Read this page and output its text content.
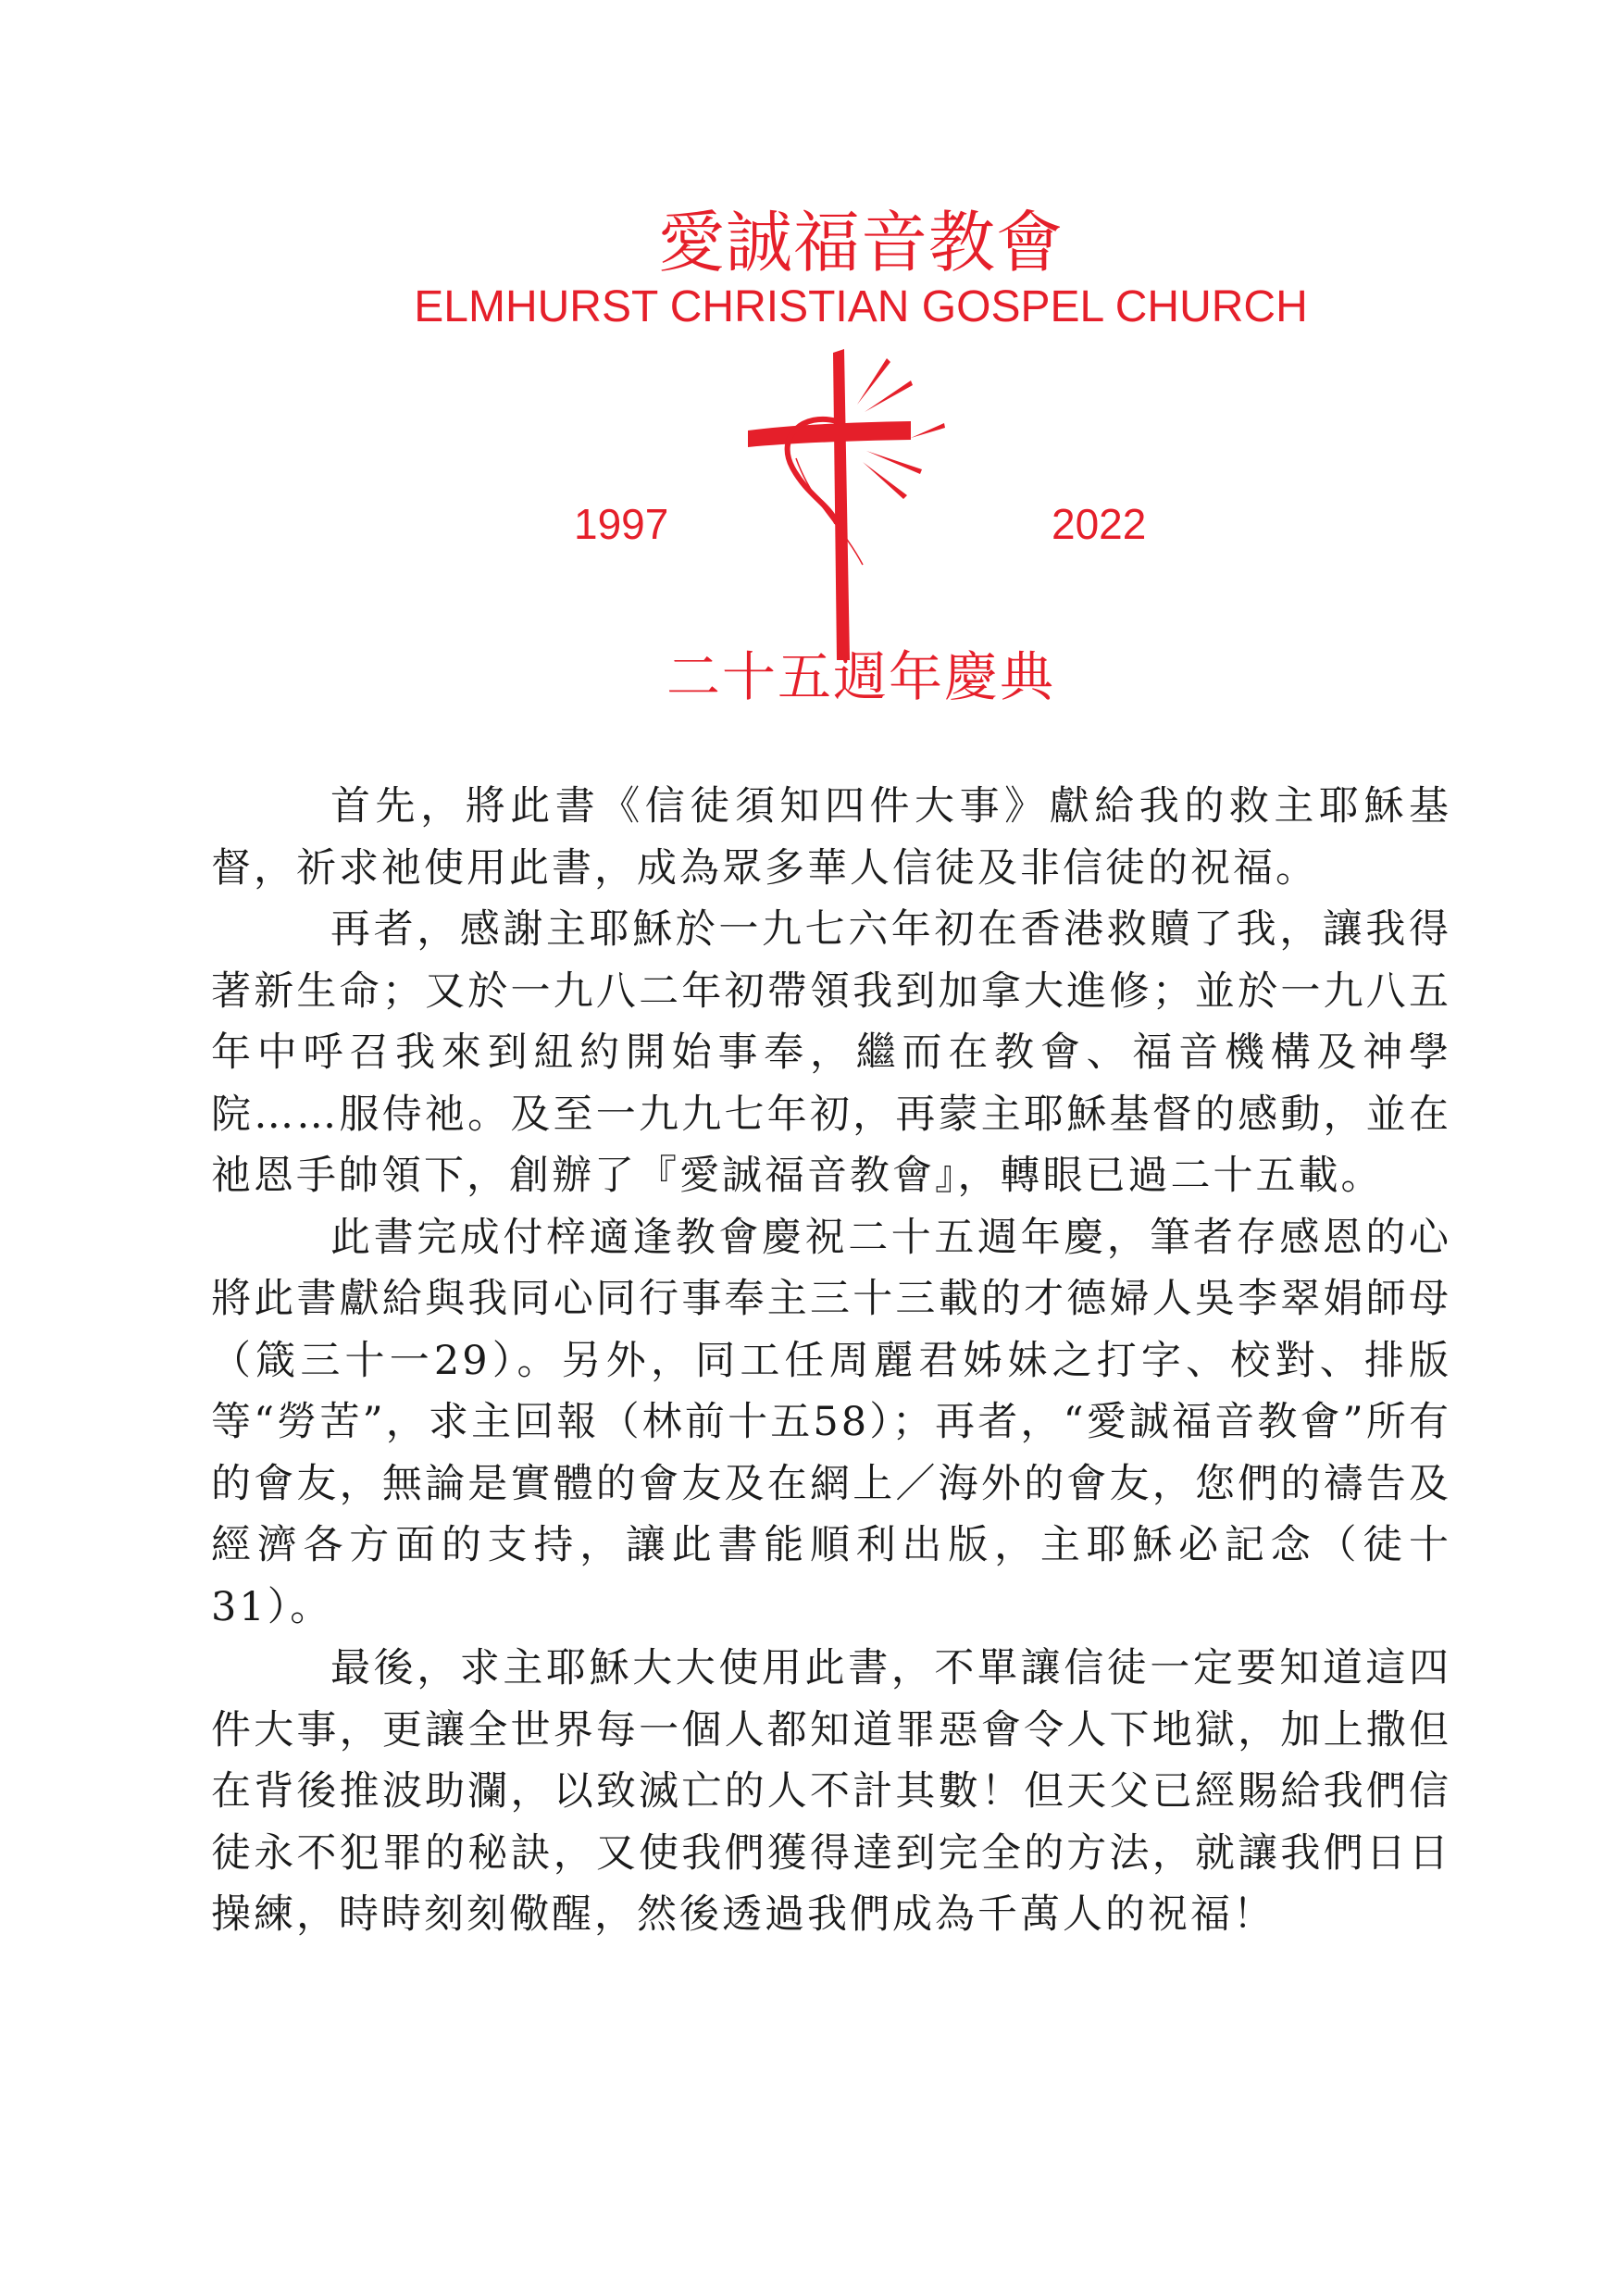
愛誠福音教會
ELMHURST CHRISTIAN GOSPEL CHURCH
1997	2022
二十五週年慶典

首先，將此書《信徒須知四件大事》獻給我的救主耶穌基督，祈求祂使用此書，成為眾多華人信徒及非信徒的祝福。

再者，感謝主耶穌於一九七六年初在香港救贖了我，讓我得著新生命；又於一九八二年初帶領我到加拿大進修；並於一九八五年中呼召我來到紐約開始事奉，繼而在教會、福音機構及神學院……服侍祂。及至一九九七年初，再蒙主耶穌基督的感動，並在祂恩手帥領下，創辦了『愛誠福音教會』，轉眼已過二十五載。

此書完成付梓適逢教會慶祝二十五週年慶，筆者存感恩的心將此書獻給與我同心同行事奉主三十三載的才德婦人吳李翠娟師母（箴三十一29）。另外，同工任周麗君姊妹之打字、校對、排版等“勞苦”，求主回報（林前十五58）；再者，“愛誠福音教會”所有的會友，無論是實體的會友及在網上／海外的會友，您們的禱告及經濟各方面的支持，讓此書能順利出版，主耶穌必記念（徒十31）。

最後，求主耶穌大大使用此書，不單讓信徒一定要知道這四件大事，更讓全世界每一個人都知道罪惡會令人下地獄，加上撒但在背後推波助瀾，以致滅亡的人不計其數！但天父已經賜給我們信徒永不犯罪的秘訣，又使我們獲得達到完全的方法，就讓我們日日操練，時時刻刻儆醒，然後透過我們成為千萬人的祝福！
